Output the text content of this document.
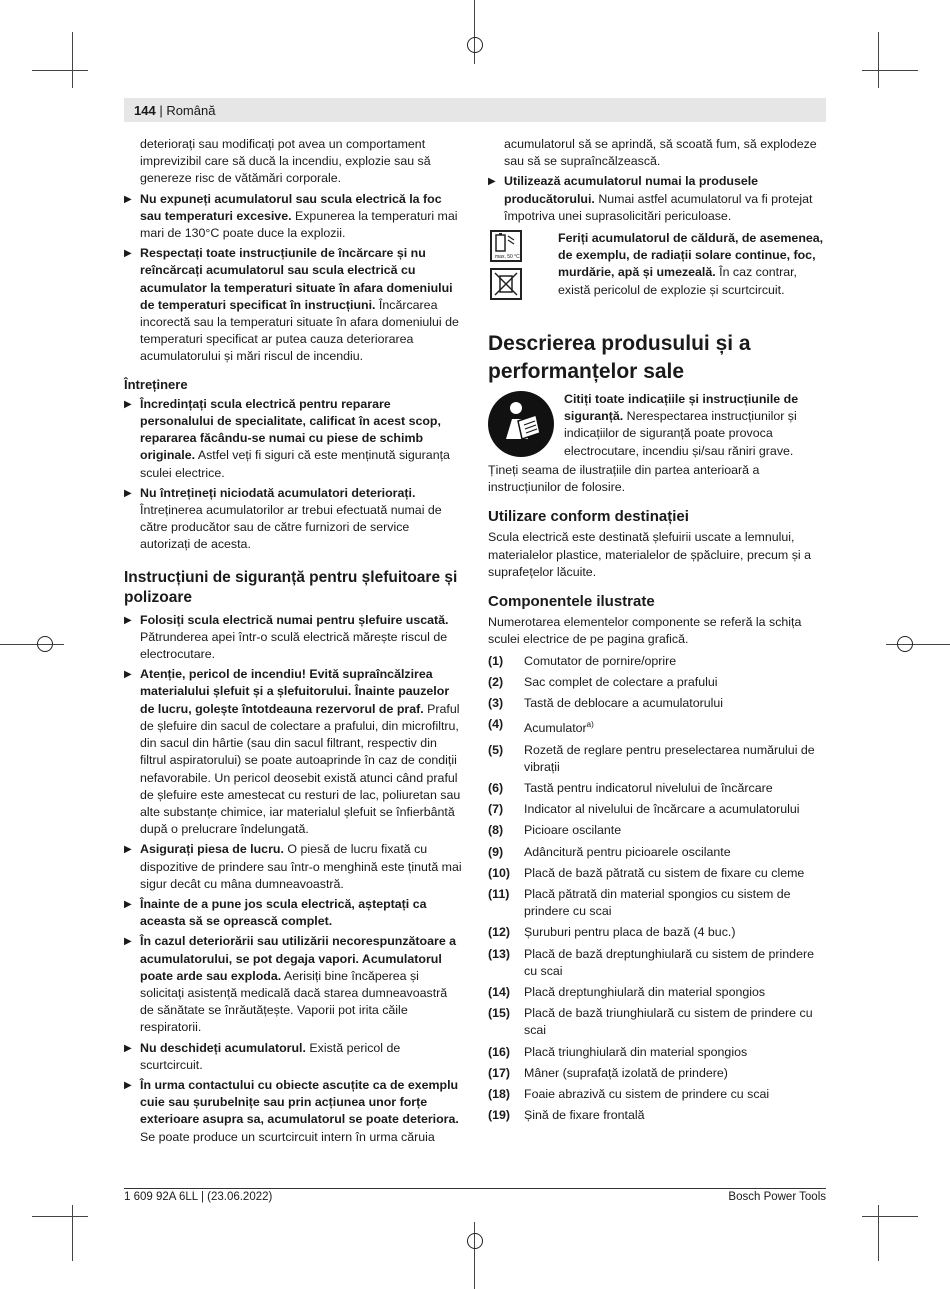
144 | Română

deteriorați sau modificați pot avea un comportament imprevizibil care să ducă la incendiu, explozie sau să genereze risc de vătămări corporale.

▶ Nu expuneți acumulatorul sau scula electrică la foc sau temperaturi excesive. Expunerea la temperaturi mai mari de 130°C poate duce la explozii.

▶ Respectați toate instrucțiunile de încărcare și nu reîncărcați acumulatorul sau scula electrică cu acumulator la temperaturi situate în afara domeniului de temperaturi specificat în instrucțiuni. Încărcarea incorectă sau la temperaturi situate în afara domeniului de temperaturi specificat ar putea cauza deteriorarea acumulatorului și mări riscul de incendiu.

Întreținere

▶ Încredințați scula electrică pentru reparare personalului de specialitate, calificat în acest scop, repararea făcându-se numai cu piese de schimb originale. Astfel veți fi siguri că este menținută siguranța sculei electrice.

▶ Nu întrețineți niciodată acumulatori deteriorați. Întreținerea acumulatorilor ar trebui efectuată numai de către producător sau de către furnizori de service autorizați de acesta.

Instrucțiuni de siguranță pentru șlefuitoare și polizoare

▶ Folosiți scula electrică numai pentru șlefuire uscată. Pătrunderea apei într-o sculă electrică mărește riscul de electrocutare.

▶ Atenție, pericol de incendiu! Evită supraîncălzirea materialului șlefuit și a șlefuitorului. Înainte pauzelor de lucru, golește întotdeauna rezervorul de praf. Praful de șlefuire din sacul de colectare a prafului, din microfiltru, din sacul din hârtie (sau din sacul filtrant, respectiv din filtrul aspiratorului) se poate autoaprinde în caz de condiții nefavorabile. Un pericol deosebit există atunci când praful de șlefuire este amestecat cu resturi de lac, poliuretan sau alte substanțe chimice, iar materialul șlefuit se înfierbântă după o prelucrare îndelungată.

▶ Asigurați piesa de lucru. O piesă de lucru fixată cu dispozitive de prindere sau într-o menghină este ținută mai sigur decât cu mâna dumneavoastră.

▶ Înainte de a pune jos scula electrică, așteptați ca aceasta să se oprească complet.

▶ În cazul deteriorării sau utilizării necorespunzătoare a acumulatorului, se pot degaja vapori. Acumulatorul poate arde sau exploda. Aerisiți bine încăperea și solicitați asistență medicală dacă starea dumneavoastră de sănătate se înrăutățește. Vaporii pot irita căile respiratorii.

▶ Nu deschideți acumulatorul. Există pericol de scurtcircuit.

▶ În urma contactului cu obiecte ascuțite ca de exemplu cuie sau șurubelnițe sau prin acțiunea unor forțe exterioare asupra sa, acumulatorul se poate deteriora. Se poate produce un scurtcircuit intern în urma căruia

acumulatorul să se aprindă, să scoată fum, să explodeze sau să se supraîncălzească.

▶ Utilizează acumulatorul numai la produsele producătorului. Numai astfel acumulatorul va fi protejat împotriva unei suprasolicitări periculoase.

max. 50 °C

Feriți acumulatorul de căldură, de asemenea, de exemplu, de radiații solare continue, foc, murdărie, apă și umezeală. În caz contrar, există pericolul de explozie și scurtcircuit.

Descrierea produsului și a performanțelor sale

Citiți toate indicațiile și instrucțiunile de siguranță. Nerespectarea instrucțiunilor și indicațiilor de siguranță poate provoca electrocutare, incendiu și/sau răniri grave.

Țineți seama de ilustrațiile din partea anterioară a instrucțiunilor de folosire.

Utilizare conform destinației

Scula electrică este destinată șlefuirii uscate a lemnului, materialelor plastice, materialelor de șpăcluire, precum și a suprafețelor lăcuite.

Componentele ilustrate

Numerotarea elementelor componente se referă la schița sculei electrice de pe pagina grafică.

(1)	Comutator de pornire/oprire
(2)	Sac complet de colectare a prafului
(3)	Tastă de deblocare a acumulatorului
(4)	Acumulator$^{a)}$
(5)	Rozetă de reglare pentru preselectarea numărului de vibrații
(6)	Tastă pentru indicatorul nivelului de încărcare
(7)	Indicator al nivelului de încărcare a acumulatorului
(8)	Picioare oscilante
(9)	Adâncitură pentru picioarele oscilante
(10)	Placă de bază pătrată cu sistem de fixare cu cleme
(11)	Placă pătrată din material spongios cu sistem de prindere cu scai
(12)	Șuruburi pentru placa de bază (4 buc.)
(13)	Placă de bază dreptunghiulară cu sistem de prindere cu scai
(14)	Placă dreptunghiulară din material spongios
(15)	Placă de bază triunghiulară cu sistem de prindere cu scai
(16)	Placă triunghiulară din material spongios
(17)	Mâner (suprafață izolată de prindere)
(18)	Foaie abrazivă cu sistem de prindere cu scai
(19)	Șină de fixare frontală
1 609 92A 6LL | (23.06.2022)	Bosch Power Tools
